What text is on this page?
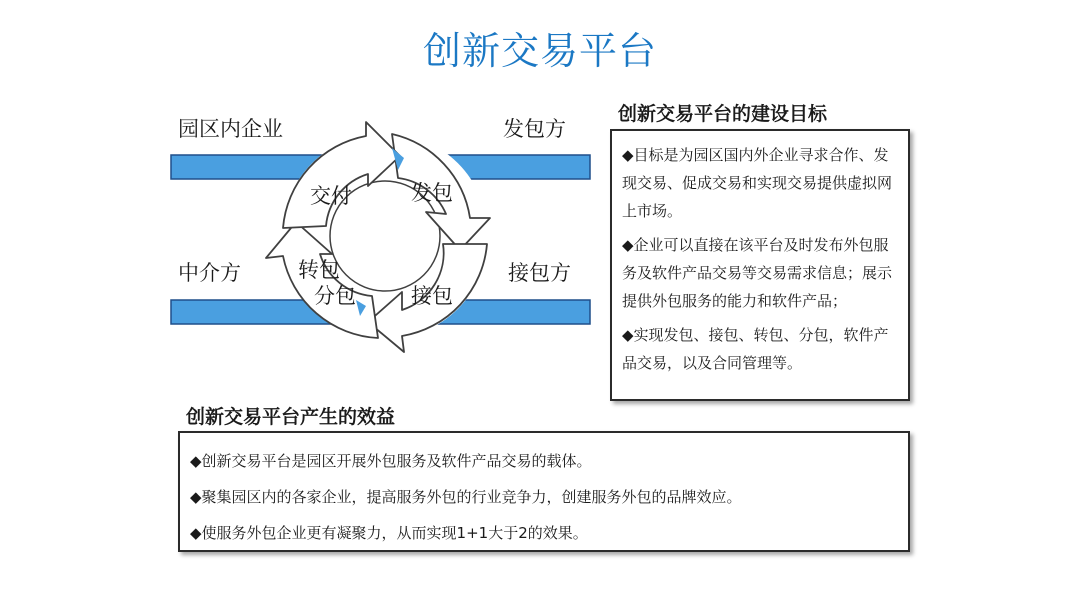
创新交易平台
园区内企业	发包方
中介方	接包方
发包
接包
转包
分包
交付
创新交易平台的建设目标

◆目标是为园区国内外企业寻求合作、发现交易、促成交易和实现交易提供虚拟网上市场。

◆企业可以直接在该平台及时发布外包服务及软件产品交易等交易需求信息；展示提供外包服务的能力和软件产品；

◆实现发包、接包、转包、分包，软件产品交易，以及合同管理等。

创新交易平台产生的效益

◆创新交易平台是园区开展外包服务及软件产品交易的载体。

◆聚集园区内的各家企业，提高服务外包的行业竞争力，创建服务外包的品牌效应。

◆使服务外包企业更有凝聚力，从而实现1+1大于2的效果。
